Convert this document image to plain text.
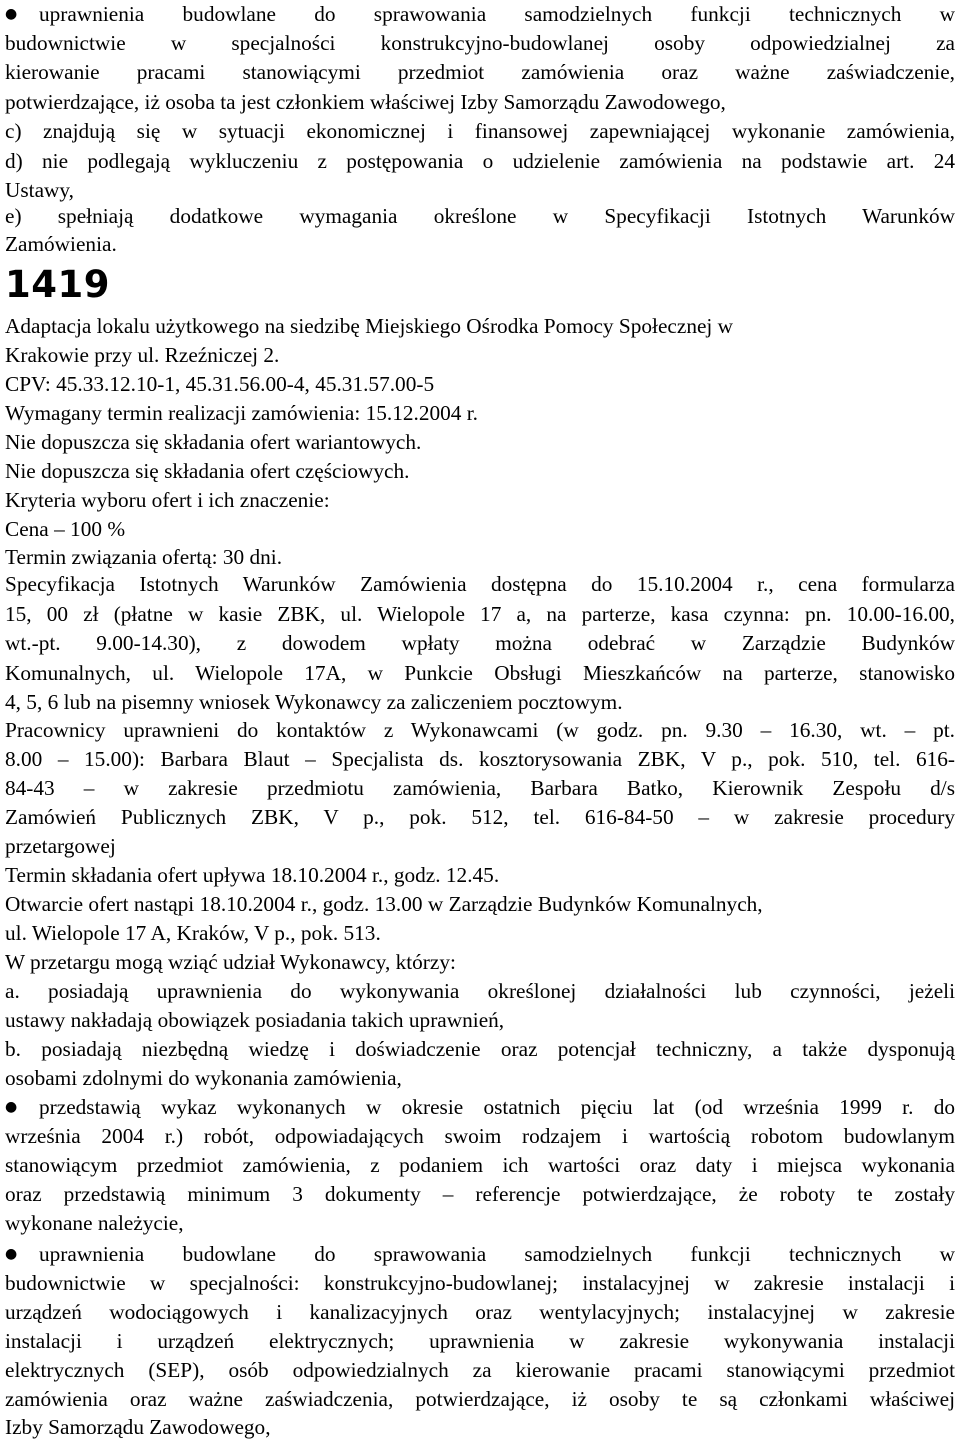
● uprawnienia budowlane do sprawowania samodzielnych funkcji technicznych w
budownictwie w specjalności konstrukcyjno-budowlanej osoby odpowiedzialnej za
kierowanie pracami stanowiącymi przedmiot zamówienia oraz ważne zaświadczenie,
potwierdzające, iż osoba ta jest członkiem właściwej Izby Samorządu Zawodowego,
c) znajdują się w sytuacji ekonomicznej i finansowej zapewniającej wykonanie zamówienia,
d) nie podlegają wykluczeniu z postępowania o udzielenie zamówienia na podstawie art. 24
Ustawy,
e) spełniają dodatkowe wymagania określone w Specyfikacji Istotnych Warunków
Zamówienia.
1419
Adaptacja lokalu użytkowego na siedzibę Miejskiego Ośrodka Pomocy Społecznej w
Krakowie przy ul. Rzeźniczej 2.
CPV: 45.33.12.10-1, 45.31.56.00-4, 45.31.57.00-5
Wymagany termin realizacji zamówienia: 15.12.2004 r.
Nie dopuszcza się składania ofert wariantowych.
Nie dopuszcza się składania ofert częściowych.
Kryteria wyboru ofert i ich znaczenie:
Cena – 100 %
Termin związania ofertą: 30 dni.
Specyfikacja Istotnych Warunków Zamówienia dostępna do 15.10.2004 r., cena formularza
15, 00 zł (płatne w kasie ZBK, ul. Wielopole 17 a, na parterze, kasa czynna: pn. 10.00-16.00,
wt.-pt. 9.00-14.30), z dowodem wpłaty można odebrać w Zarządzie Budynków
Komunalnych, ul. Wielopole 17A, w Punkcie Obsługi Mieszkańców na parterze, stanowisko
4, 5, 6 lub na pisemny wniosek Wykonawcy za zaliczeniem pocztowym.
Pracownicy uprawnieni do kontaktów z Wykonawcami (w godz. pn. 9.30 – 16.30, wt. – pt.
8.00 – 15.00): Barbara Blaut – Specjalista ds. kosztorysowania ZBK, V p., pok. 510, tel. 616-
84-43 – w zakresie przedmiotu zamówienia, Barbara Batko, Kierownik Zespołu d/s
Zamówień Publicznych ZBK, V p., pok. 512, tel. 616-84-50 – w zakresie procedury
przetargowej
Termin składania ofert upływa 18.10.2004 r., godz. 12.45.
Otwarcie ofert nastąpi 18.10.2004 r., godz. 13.00 w Zarządzie Budynków Komunalnych,
ul. Wielopole 17 A, Kraków, V p., pok. 513.
W przetargu mogą wziąć udział Wykonawcy, którzy:
a. posiadają uprawnienia do wykonywania określonej działalności lub czynności, jeżeli
ustawy nakładają obowiązek posiadania takich uprawnień,
b. posiadają niezbędną wiedzę i doświadczenie oraz potencjał techniczny, a także dysponują
osobami zdolnymi do wykonania zamówienia,
● przedstawią wykaz wykonanych w okresie ostatnich pięciu lat (od września 1999 r. do
września 2004 r.) robót, odpowiadających swoim rodzajem i wartością robotom budowlanym
stanowiącym przedmiot zamówienia, z podaniem ich wartości oraz daty i miejsca wykonania
oraz przedstawią minimum 3 dokumenty – referencje potwierdzające, że roboty te zostały
wykonane należycie,
● uprawnienia budowlane do sprawowania samodzielnych funkcji technicznych w
budownictwie w specjalności: konstrukcyjno-budowlanej; instalacyjnej w zakresie instalacji i
urządzeń wodociągowych i kanalizacyjnych oraz wentylacyjnych; instalacyjnej w zakresie
instalacji i urządzeń elektrycznych; uprawnienia w zakresie wykonywania instalacji
elektrycznych (SEP), osób odpowiedzialnych za kierowanie pracami stanowiącymi przedmiot
zamówienia oraz ważne zaświadczenia, potwierdzające, iż osoby te są członkami właściwej
Izby Samorządu Zawodowego,
